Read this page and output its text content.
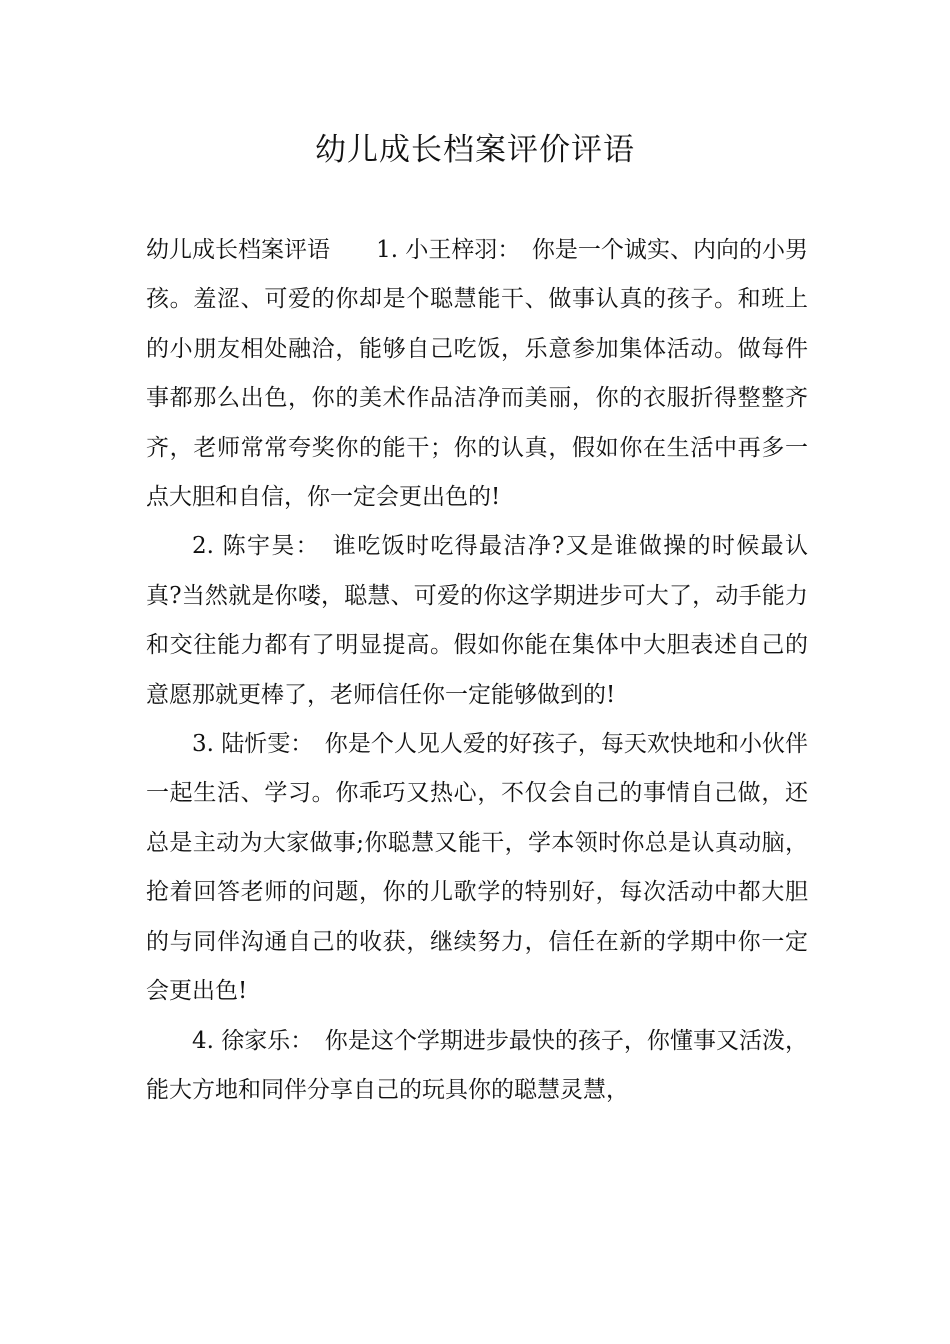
幼儿成长档案评价评语

幼儿成长档案评语　　1. 小王梓羽：　你是一个诚实、内向的小男孩。羞涩、可爱的你却是个聪慧能干、做事认真的孩子。和班上的小朋友相处融洽，能够自己吃饭，乐意参加集体活动。做每件事都那么出色，你的美术作品洁净而美丽，你的衣服折得整整齐齐，老师常常夸奖你的能干；你的认真，假如你在生活中再多一点大胆和自信，你一定会更出色的!

2. 陈宇昊：　谁吃饭时吃得最洁净?又是谁做操的时候最认真?当然就是你喽，聪慧、可爱的你这学期进步可大了，动手能力和交往能力都有了明显提高。假如你能在集体中大胆表述自己的意愿那就更棒了，老师信任你一定能够做到的!

3. 陆忻雯：　你是个人见人爱的好孩子，每天欢快地和小伙伴一起生活、学习。你乖巧又热心，不仅会自己的事情自己做，还总是主动为大家做事;你聪慧又能干，学本领时你总是认真动脑，抢着回答老师的问题，你的儿歌学的特别好，每次活动中都大胆的与同伴沟通自己的收获，继续努力，信任在新的学期中你一定会更出色!

4. 徐家乐：　你是这个学期进步最快的孩子，你懂事又活泼，能大方地和同伴分享自己的玩具你的聪慧灵慧，
